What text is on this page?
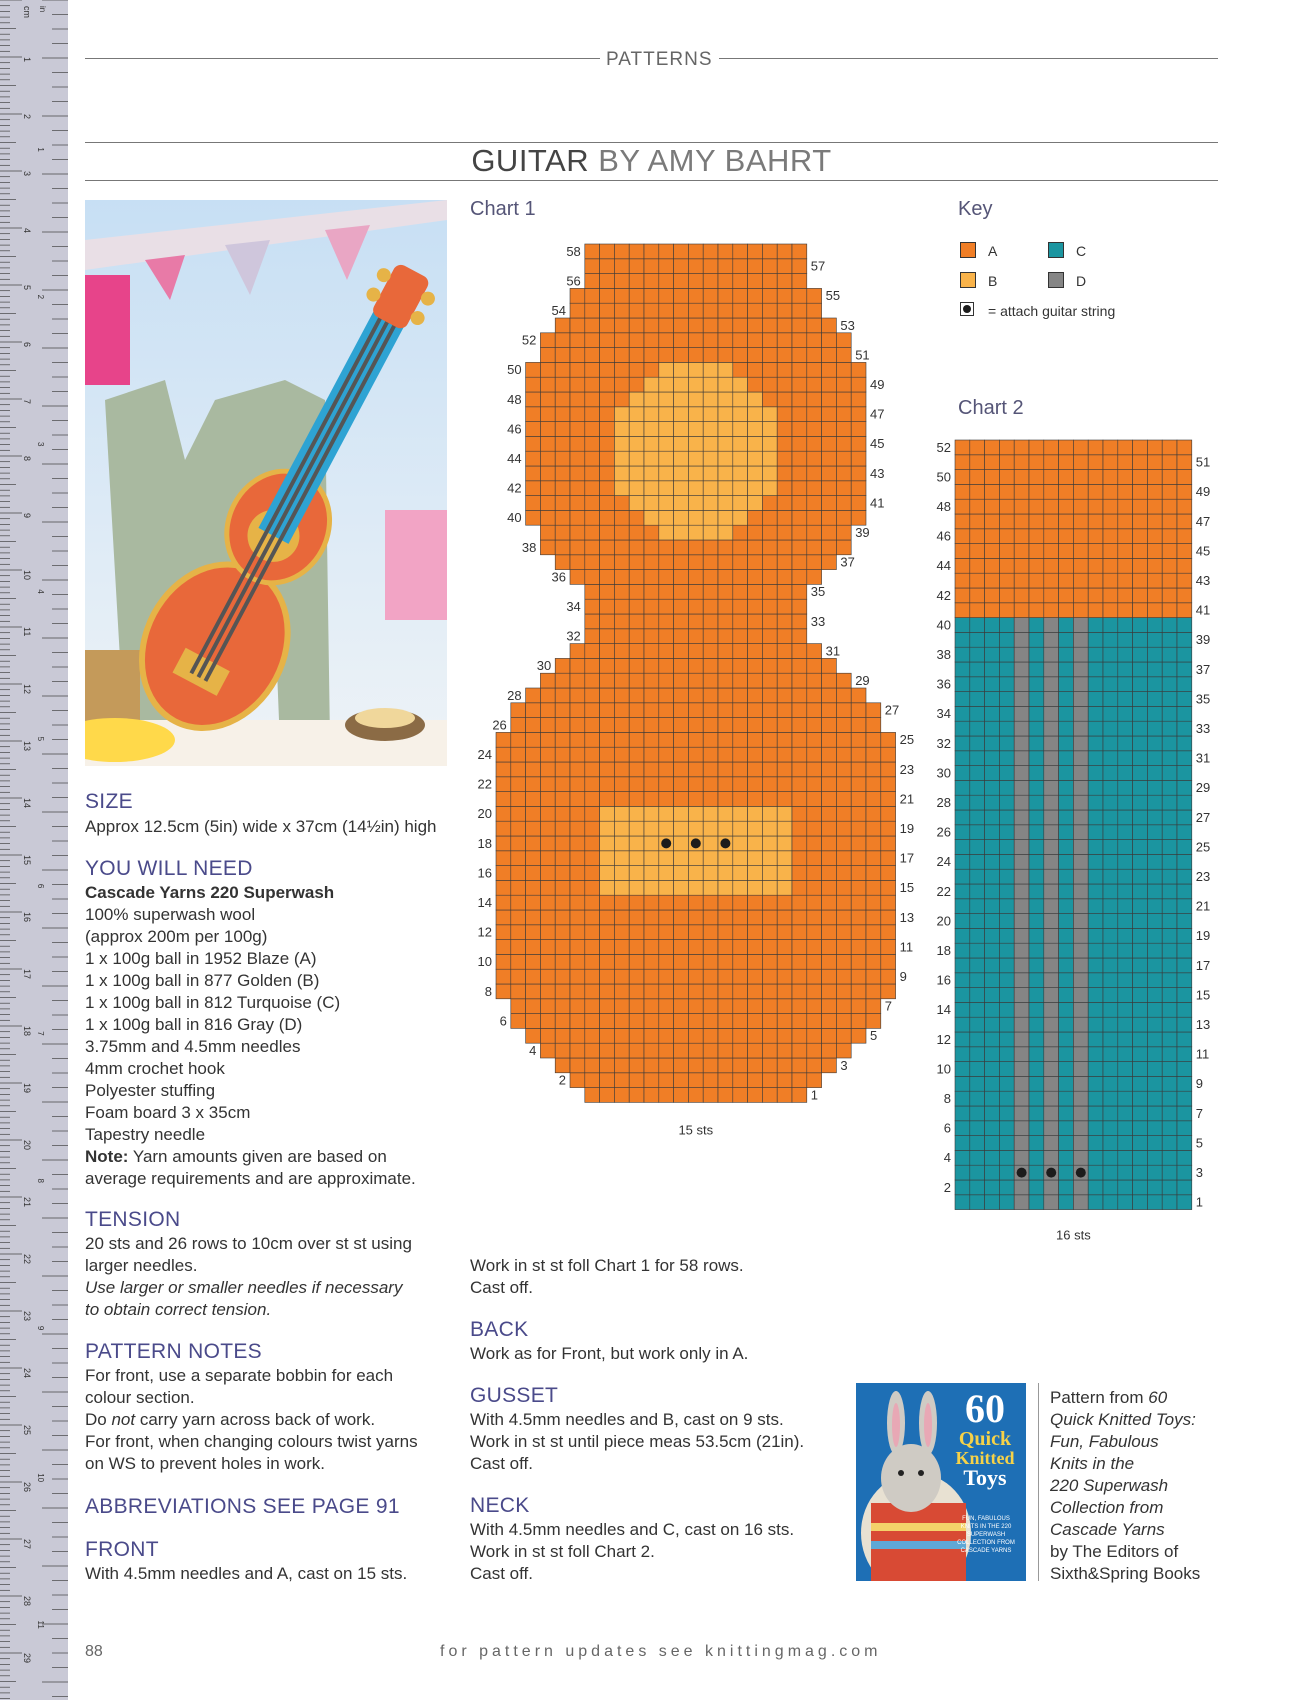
1
2
3
4
5
6
7
8
9
10
11
12
13
14
15
16
17
18
19
20
21
22
23
24
25
26
27
28
29
1
2
3
4
5
6
7
8
9
10
11
cm in
PATTERNS
GUITAR BY AMY BAHRT
SIZE
Approx 12.5cm (5in) wide x 37cm (14½in) high
YOU WILL NEED
Cascade Yarns 220 Superwash
100% superwash wool
(approx 200m per 100g)
1 x 100g ball in 1952 Blaze (A)
1 x 100g ball in 877 Golden (B)
1 x 100g ball in 812 Turquoise (C)
1 x 100g ball in 816 Gray (D)
3.75mm and 4.5mm needles
4mm crochet hook
Polyester stuffing
Foam board 3 x 35cm
Tapestry needle
Note: Yarn amounts given are based on
average requirements and are approximate.
TENSION
20 sts and 26 rows to 10cm over st st using
larger needles.
Use larger or smaller needles if necessary
to obtain correct tension.
PATTERN NOTES
For front, use a separate bobbin for each
colour section.
Do not carry yarn across back of work.
For front, when changing colours twist yarns
on WS to prevent holes in work.
ABBREVIATIONS SEE PAGE 91
FRONT
With 4.5mm needles and A, cast on 15 sts.
Work in st st foll Chart 1 for 58 rows.
Cast off.
BACK
Work as for Front, but work only in A.
GUSSET
With 4.5mm needles and B, cast on 9 sts.
Work in st st until piece meas 53.5cm (21in).
Cast off.
NECK
With 4.5mm needles and C, cast on 16 sts.
Work in st st foll Chart 2.
Cast off.
Chart 1
1
2
3
4
5
6
7
8
9
10
11
12
13
14
15
16
17
18
19
20
21
22
23
24
25
26
27
28
29
30
31
32
33
34
35
36
37
38
39
40
41
42
43
44
45
46
47
48
49
50
51
52
53
54
55
56
57
58
15 sts
Key
A	C
B	D
= attach guitar string
Chart 2
1
2
3
4
5
6
7
8
9
10
11
12
13
14
15
16
17
18
19
20
21
22
23
24
25
26
27
28
29
30
31
32
33
34
35
36
37
38
39
40
41
42
43
44
45
46
47
48
49
50
51
52
16 sts
60
Quick
Knitted
Toys
FUN, FABULOUS KNITS IN THE 220 SUPERWASH COLLECTION FROM CASCADE YARNS
Pattern from 60
Quick Knitted Toys:
Fun, Fabulous
Knits in the
220 Superwash
Collection from
Cascade Yarns
by The Editors of
Sixth&Spring Books
88	for pattern updates see knittingmag.com
